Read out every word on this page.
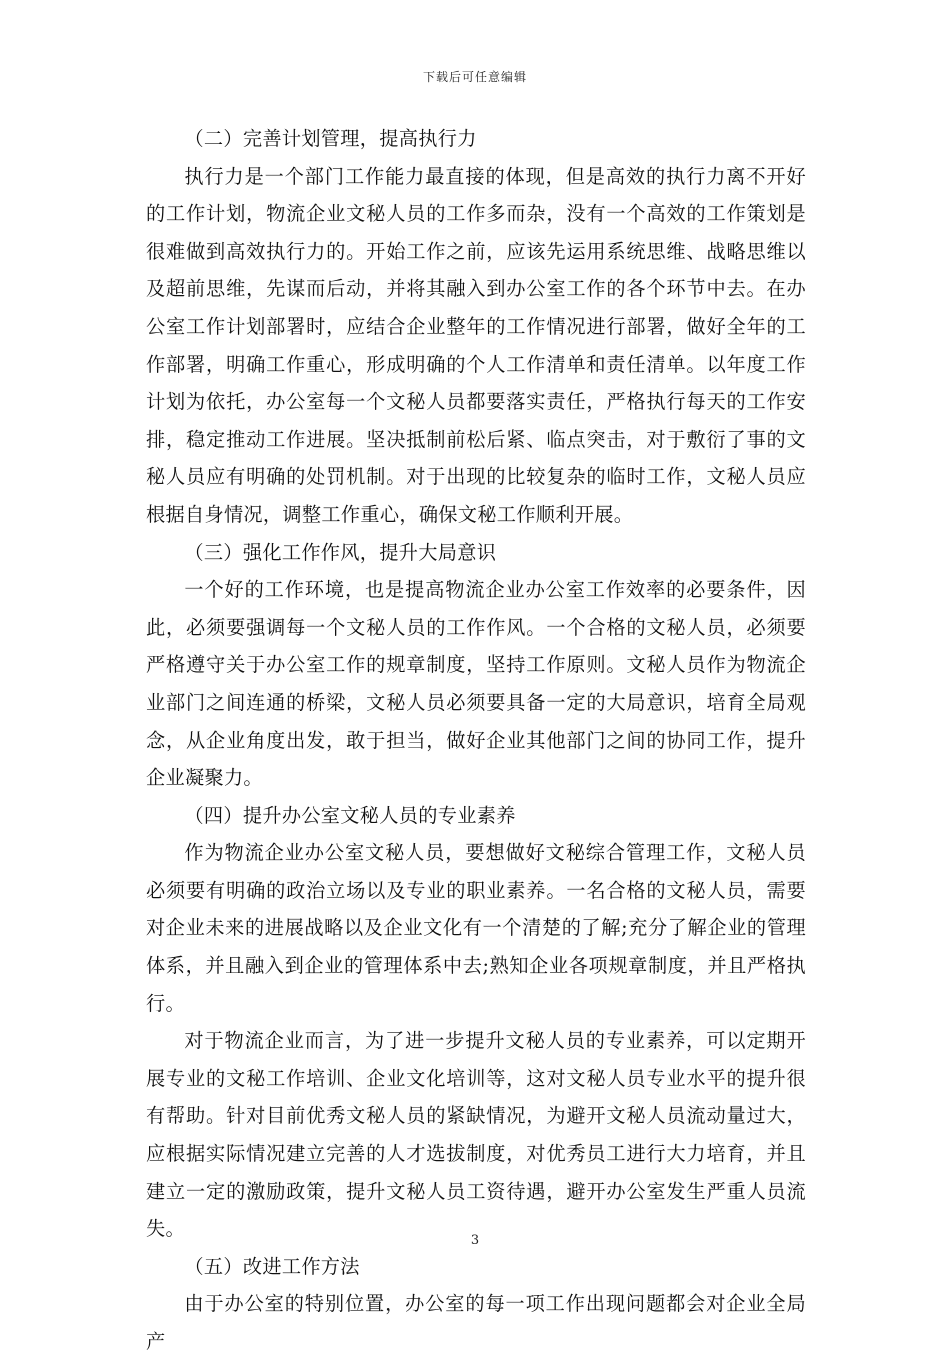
下载后可任意编辑

（二）完善计划管理，提高执行力

执行力是一个部门工作能力最直接的体现，但是高效的执行力离不开好的工作计划，物流企业文秘人员的工作多而杂，没有一个高效的工作策划是很难做到高效执行力的。开始工作之前，应该先运用系统思维、战略思维以及超前思维，先谋而后动，并将其融入到办公室工作的各个环节中去。在办公室工作计划部署时，应结合企业整年的工作情况进行部署，做好全年的工作部署，明确工作重心，形成明确的个人工作清单和责任清单。以年度工作计划为依托，办公室每一个文秘人员都要落实责任，严格执行每天的工作安排，稳定推动工作进展。坚决抵制前松后紧、临点突击，对于敷衍了事的文秘人员应有明确的处罚机制。对于出现的比较复杂的临时工作，文秘人员应根据自身情况，调整工作重心，确保文秘工作顺利开展。

（三）强化工作作风，提升大局意识

一个好的工作环境，也是提高物流企业办公室工作效率的必要条件，因此，必须要强调每一个文秘人员的工作作风。一个合格的文秘人员，必须要严格遵守关于办公室工作的规章制度，坚持工作原则。文秘人员作为物流企业部门之间连通的桥梁，文秘人员必须要具备一定的大局意识，培育全局观念，从企业角度出发，敢于担当，做好企业其他部门之间的协同工作，提升企业凝聚力。

（四）提升办公室文秘人员的专业素养

作为物流企业办公室文秘人员，要想做好文秘综合管理工作，文秘人员必须要有明确的政治立场以及专业的职业素养。一名合格的文秘人员，需要对企业未来的进展战略以及企业文化有一个清楚的了解;充分了解企业的管理体系，并且融入到企业的管理体系中去;熟知企业各项规章制度，并且严格执行。

对于物流企业而言，为了进一步提升文秘人员的专业素养，可以定期开展专业的文秘工作培训、企业文化培训等，这对文秘人员专业水平的提升很有帮助。针对目前优秀文秘人员的紧缺情况，为避开文秘人员流动量过大，应根据实际情况建立完善的人才选拔制度，对优秀员工进行大力培育，并且建立一定的激励政策，提升文秘人员工资待遇，避开办公室发生严重人员流失。

（五）改进工作方法

由于办公室的特别位置，办公室的每一项工作出现问题都会对企业全局产

3
